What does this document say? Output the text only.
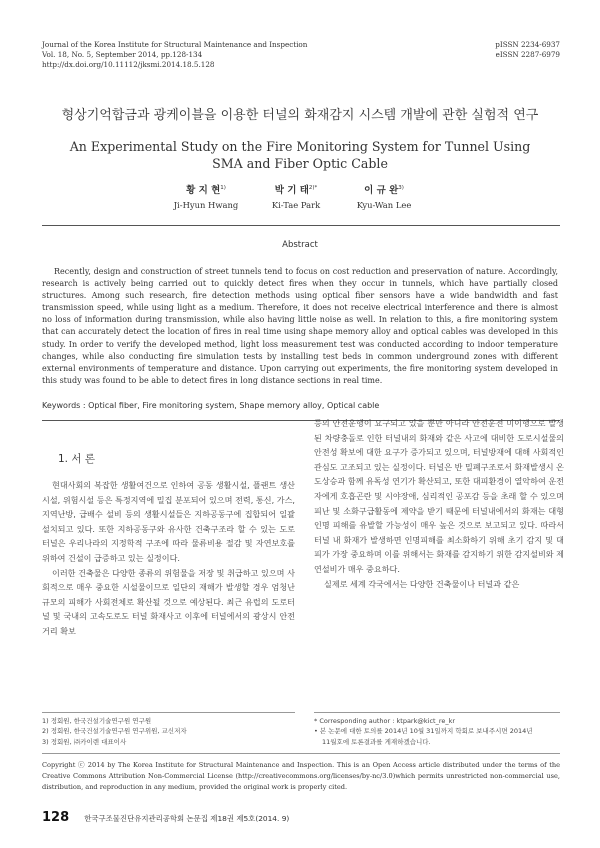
Journal of the Korea Institute for Structural Maintenance and Inspection
Vol. 18, No. 5, September 2014, pp.128-134
http://dx.doi.org/10.11112/jksmi.2014.18.5.128
pISSN 2234-6937
eISSN 2287-6979
형상기억합금과 광케이블을 이용한 터널의 화재감지 시스템 개발에 관한 실험적 연구
An Experimental Study on the Fire Monitoring System for Tunnel Using SMA and Fiber Optic Cable
황 지 현$^{1)}$
Ji-Hyun Hwang
박 기 태$^{2)*}$
Ki-Tae Park
이 규 완$^{3)}$
Kyu-Wan Lee
Abstract
Recently, design and construction of street tunnels tend to focus on cost reduction and preservation of nature. Accordingly, research is actively being carried out to quickly detect fires when they occur in tunnels, which have partially closed structures. Among such research, fire detection methods using optical fiber sensors have a wide bandwidth and fast transmission speed, while using light as a medium. Therefore, it does not receive electrical interference and there is almost no loss of information during transmission, while also having little noise as well. In relation to this, a fire monitoring system that can accurately detect the location of fires in real time using shape memory alloy and optical cables was developed in this study. In order to verify the developed method, light loss measurement test was conducted according to indoor temperature changes, while also conducting fire simulation tests by installing test beds in common underground zones with different external environments of temperature and distance. Upon carrying out experiments, the fire monitoring system developed in this study was found to be able to detect fires in long distance sections in real time.
Keywords : Optical fiber, Fire monitoring system, Shape memory alloy, Optical cable
1. 서 론

현대사회의 복잡한 생활여건으로 인하여 공동 생활시설, 플랜트 생산시설, 위험시설 등은 특정지역에 밀집 분포되어 있으며 전력, 통신, 가스, 지역난방, 급배수 설비 등의 생활시설들은 지하공동구에 집합되어 일괄 설치되고 있다. 또한 지하공동구와 유사한 건축구조라 할 수 있는 도로 터널은 우리나라의 지정학적 구조에 따라 물류비용 절감 및 자연보호를 위하여 건설이 급증하고 있는 실정이다.

이러한 건축물은 다양한 종류의 위험물을 저장 및 취급하고 있으며 사회적으로 매우 중요한 시설물이므로 일단의 재해가 발생할 경우 엄청난 규모의 피해가 사회전체로 확산될 것으로 예상된다. 최근 유럽의 도로터널 및 국내의 고속도로도 터널 화재사고 이후에 터널에서의 광상시 안전거리 확보

등의 안전운행이 요구되고 있을 뿐만 아니라 안전운전 미이행으로 발생된 차량충돌로 인한 터널내의 화재와 같은 사고에 대비한 도로시설물의 안전성 확보에 대한 요구가 증가되고 있으며, 터널방재에 대해 사회적인 관심도 고조되고 있는 실정이다. 터널은 반 밀폐구조로서 화재발생시 온도상승과 함께 유독성 연기가 확산되고, 또한 대피환경이 열악하여 운전자에게 호흡곤란 및 시야장애, 심리적인 공포감 등을 초래 할 수 있으며 피난 및 소화구급활동에 제약을 받기 때문에 터널내에서의 화재는 대형 인명 피해를 유발할 가능성이 매우 높은 것으로 보고되고 있다. 따라서 터널 내 화재가 발생하면 인명피해를 최소화하기 위해 초기 감지 및 대피가 가장 중요하며 이를 위해서는 화재를 감지하기 위한 감지설비와 제연설비가 매우 중요하다.

실제로 세계 각국에서는 다양한 건축물이나 터널과 같은

1) 정회원, 한국건설기술연구원 연구원
2) 정회원, 한국건설기술연구원 연구위원, 교신저자
3) 정회원, ㈜카이렌 대표이사
* Corresponding author : ktpark@kict_re_kr
• 본 논문에 대한 토의를 2014년 10월 31일까지 학회로 보내주시면 2014년
11월호에 토론결과를 게재하겠습니다.
Copyright ⓒ 2014 by The Korea Institute for Structural Maintenance and Inspection. This is an Open Access article distributed under the terms of the Creative Commons Attribution Non-Commercial License (http://creativecommons.org/licenses/by-nc/3.0)which permits unrestricted non-commercial use, distribution, and reproduction in any medium, provided the original work is properly cited.
128 한국구조물진단유지관리공학회 논문집 제18권 제5호(2014. 9)
